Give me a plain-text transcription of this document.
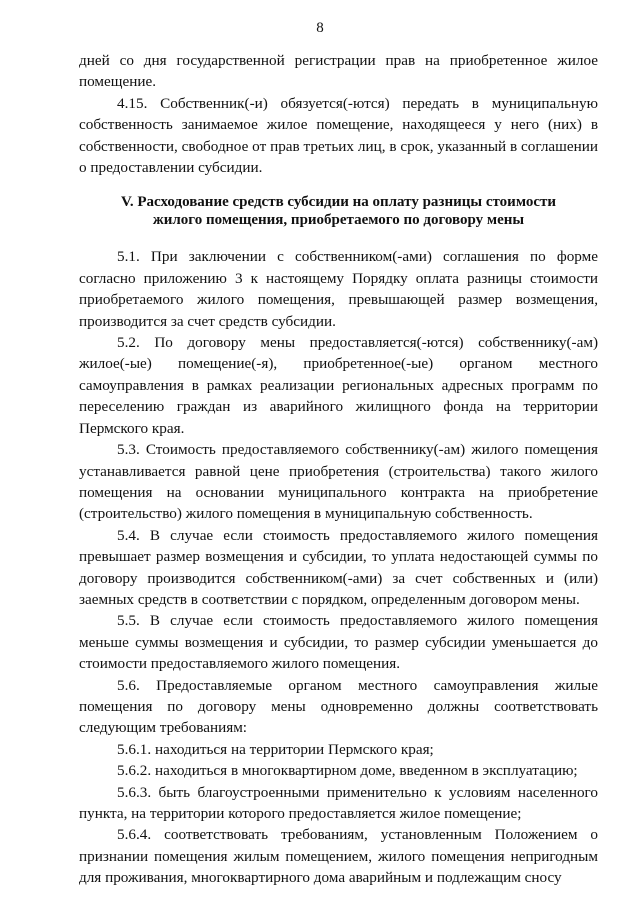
8

дней со дня государственной регистрации прав на приобретенное жилое помещение.

4.15. Собственник(-и) обязуется(-ются) передать в муниципальную собственность занимаемое жилое помещение, находящееся у него (них) в собственности, свободное от прав третьих лиц, в срок, указанный в соглашении о предоставлении субсидии.

V. Расходование средств субсидии на оплату разницы стоимости
жилого помещения, приобретаемого по договору мены

5.1. При заключении с собственником(-ами) соглашения по форме согласно приложению 3 к настоящему Порядку оплата разницы стоимости приобретаемого жилого помещения, превышающей размер возмещения, производится за счет средств субсидии.

5.2. По договору мены предоставляется(-ются) собственнику(-ам) жилое(-ые) помещение(-я), приобретенное(-ые) органом местного самоуправления в рамках реализации региональных адресных программ по переселению граждан из аварийного жилищного фонда на территории Пермского края.

5.3. Стоимость предоставляемого собственнику(-ам) жилого помещения устанавливается равной цене приобретения (строительства) такого жилого помещения на основании муниципального контракта на приобретение (строительство) жилого помещения в муниципальную собственность.

5.4. В случае если стоимость предоставляемого жилого помещения превышает размер возмещения и субсидии, то уплата недостающей суммы по договору производится собственником(-ами) за счет собственных и (или) заемных средств в соответствии с порядком, определенным договором мены.

5.5. В случае если стоимость предоставляемого жилого помещения меньше суммы возмещения и субсидии, то размер субсидии уменьшается до стоимости предоставляемого жилого помещения.

5.6. Предоставляемые органом местного самоуправления жилые помещения по договору мены одновременно должны соответствовать следующим требованиям:

5.6.1. находиться на территории Пермского края;

5.6.2. находиться в многоквартирном доме, введенном в эксплуатацию;

5.6.3. быть благоустроенными применительно к условиям населенного пункта, на территории которого предоставляется жилое помещение;

5.6.4. соответствовать требованиям, установленным Положением о признании помещения жилым помещением, жилого помещения непригодным для проживания, многоквартирного дома аварийным и подлежащим сносу
